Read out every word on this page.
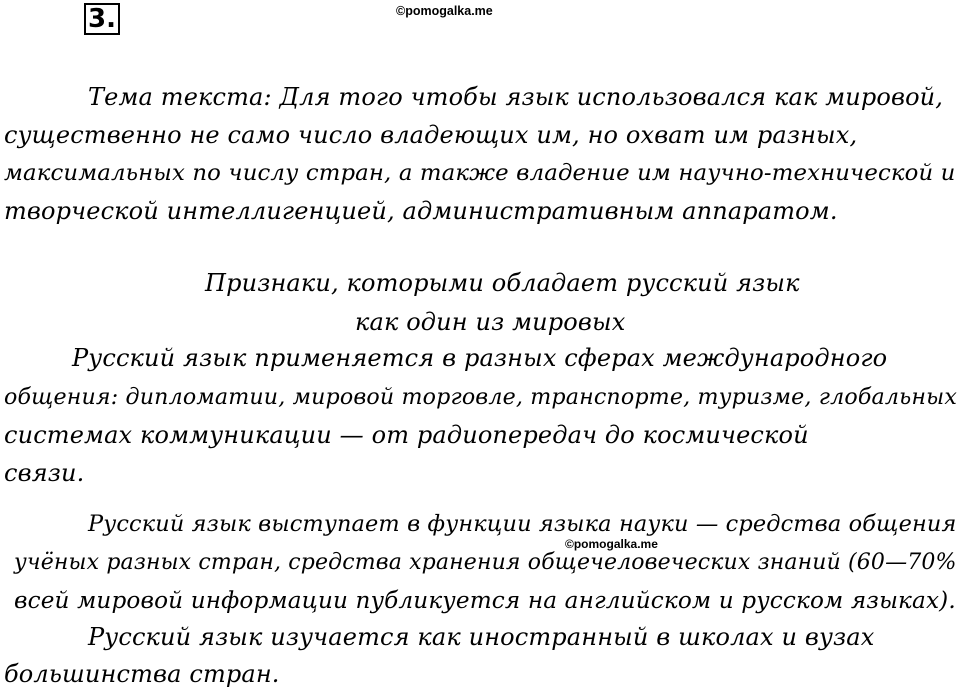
3.	©pomogalka.me
Тема текста: Для того чтобы язык использовался как мировой,
существенно не само число владеющих им, но охват им разных,
максимальных по числу стран, а также владение им научно-технической и
творческой интеллигенцией, административным аппаратом.
Признаки, которыми обладает русский язык
как один из мировых
Русский язык применяется в разных сферах международного
общения: дипломатии, мировой торговле, транспорте, туризме, глобальных
системах коммуникации — от радиопередач до космической
связи.
Русский язык выступает в функции языка науки — средства общения
©pomogalka.me
учёных разных стран, средства хранения общечеловеческих знаний (60—70%
всей мировой информации публикуется на английском и русском языках).
Русский язык изучается как иностранный в школах и вузах
большинства стран.
